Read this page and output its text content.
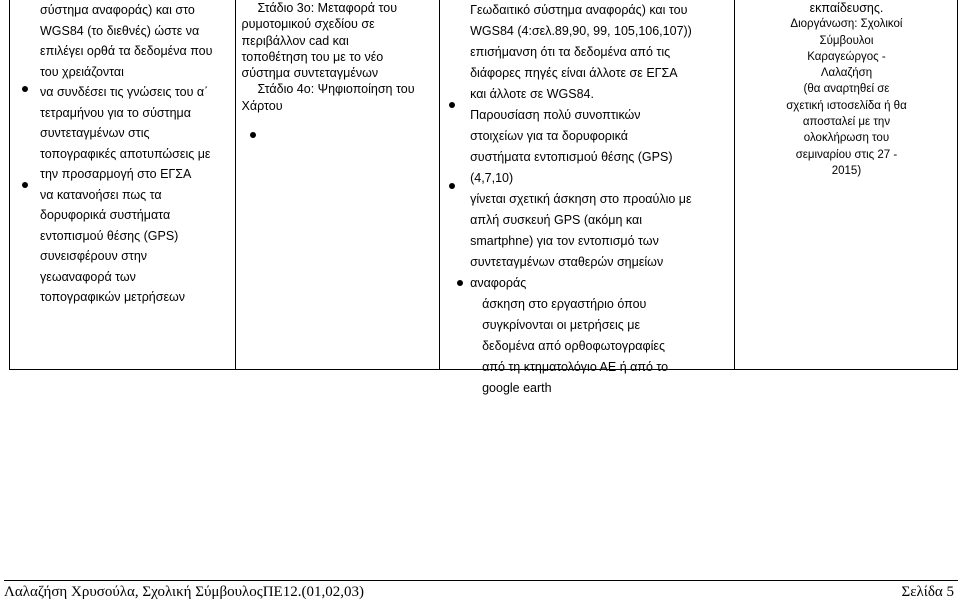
σύστημα αναφοράς) και στο
WGS84 (το διεθνές) ώστε να
επιλέγει ορθά τα δεδομένα που
του χρειάζονται
να συνδέσει τις γνώσεις του α΄
τετραμήνου για το σύστημα
συντεταγμένων στις
τοπογραφικές αποτυπώσεις με
την προσαρμογή στο ΕΓΣΑ
να κατανοήσει πως τα
δορυφορικά συστήματα
εντοπισμού θέσης (GPS)
συνεισφέρουν στην
γεωαναφορά των
τοπογραφικών μετρήσεων
Στάδιο 3ο: Μεταφορά του
ρυμοτομικού σχεδίου σε
περιβάλλον cad και
τοποθέτηση του με το νέο
σύστημα συντεταγμένων
Στάδιο 4ο: Ψηφιοποίηση του
Χάρτου
Γεωδαιτικό σύστημα αναφοράς) και του
WGS84 (4:σελ.89,90, 99, 105,106,107))
επισήμανση ότι τα δεδομένα από τις
διάφορες πηγές είναι άλλοτε σε ΕΓΣΑ
και άλλοτε σε WGS84.
Παρουσίαση πολύ συνοπτικών
στοιχείων για τα δορυφορικά
συστήματα εντοπισμού θέσης (GPS)
(4,7,10)
γίνεται σχετική άσκηση στο προαύλιο με
απλή συσκευή GPS (ακόμη και
smartphne) για τον εντοπισμό των
συντεταγμένων σταθερών σημείων
αναφοράς
άσκηση στο εργαστήριο όπου
συγκρίνονται οι μετρήσεις με
δεδομένα από ορθοφωτογραφίες
από τη κτηματολόγιο ΑΕ ή από το
google earth
εκπαίδευσης.
Διοργάνωση: Σχολικοί
Σύμβουλοι
Καραγεώργος -
Λαλαζήση
(θα αναρτηθεί σε
σχετική ιστοσελίδα ή θα
αποσταλεί με την
ολοκλήρωση του
σεμιναρίου στις 27 -
2015)
Λαλαζήση Χρυσούλα, Σχολική ΣύμβουλοςΠΕ12.(01,02,03)	Σελίδα 5
